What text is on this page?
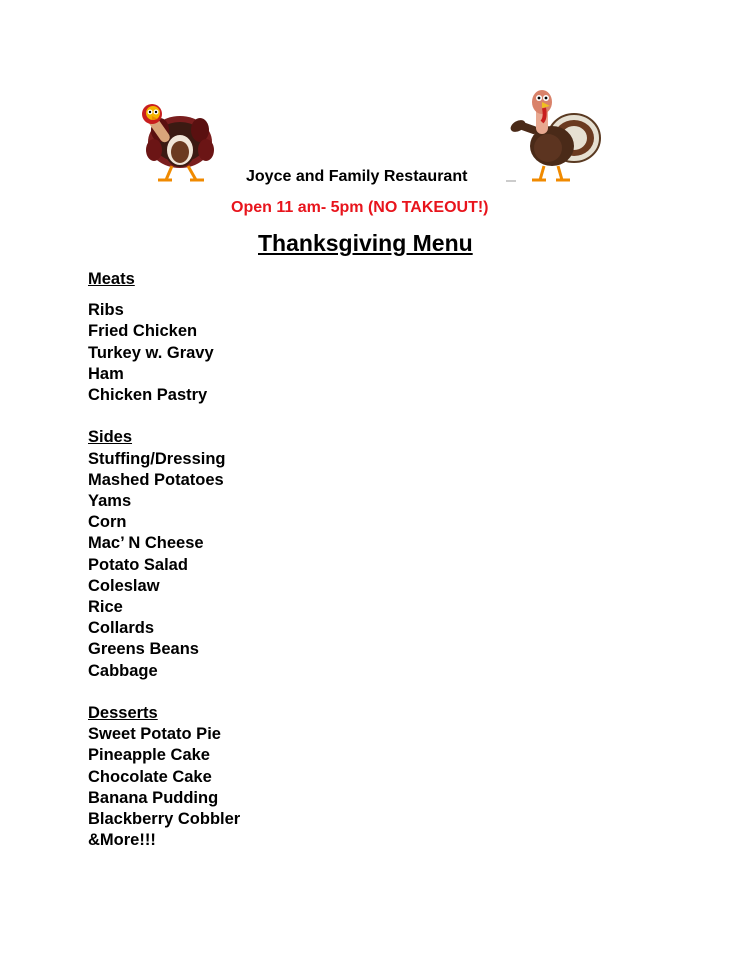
Joyce and Family Restaurant
Open 11 am- 5pm (NO TAKEOUT!)
Thanksgiving Menu
Meats
Ribs
Fried Chicken
Turkey w. Gravy
Ham
Chicken Pastry
Sides
Stuffing/Dressing
Mashed Potatoes
Yams
Corn
Mac’ N Cheese
Potato Salad
Coleslaw
Rice
Collards
Greens Beans
Cabbage
Desserts
Sweet Potato Pie
Pineapple Cake
Chocolate Cake
Banana Pudding
Blackberry Cobbler
&More!!!
